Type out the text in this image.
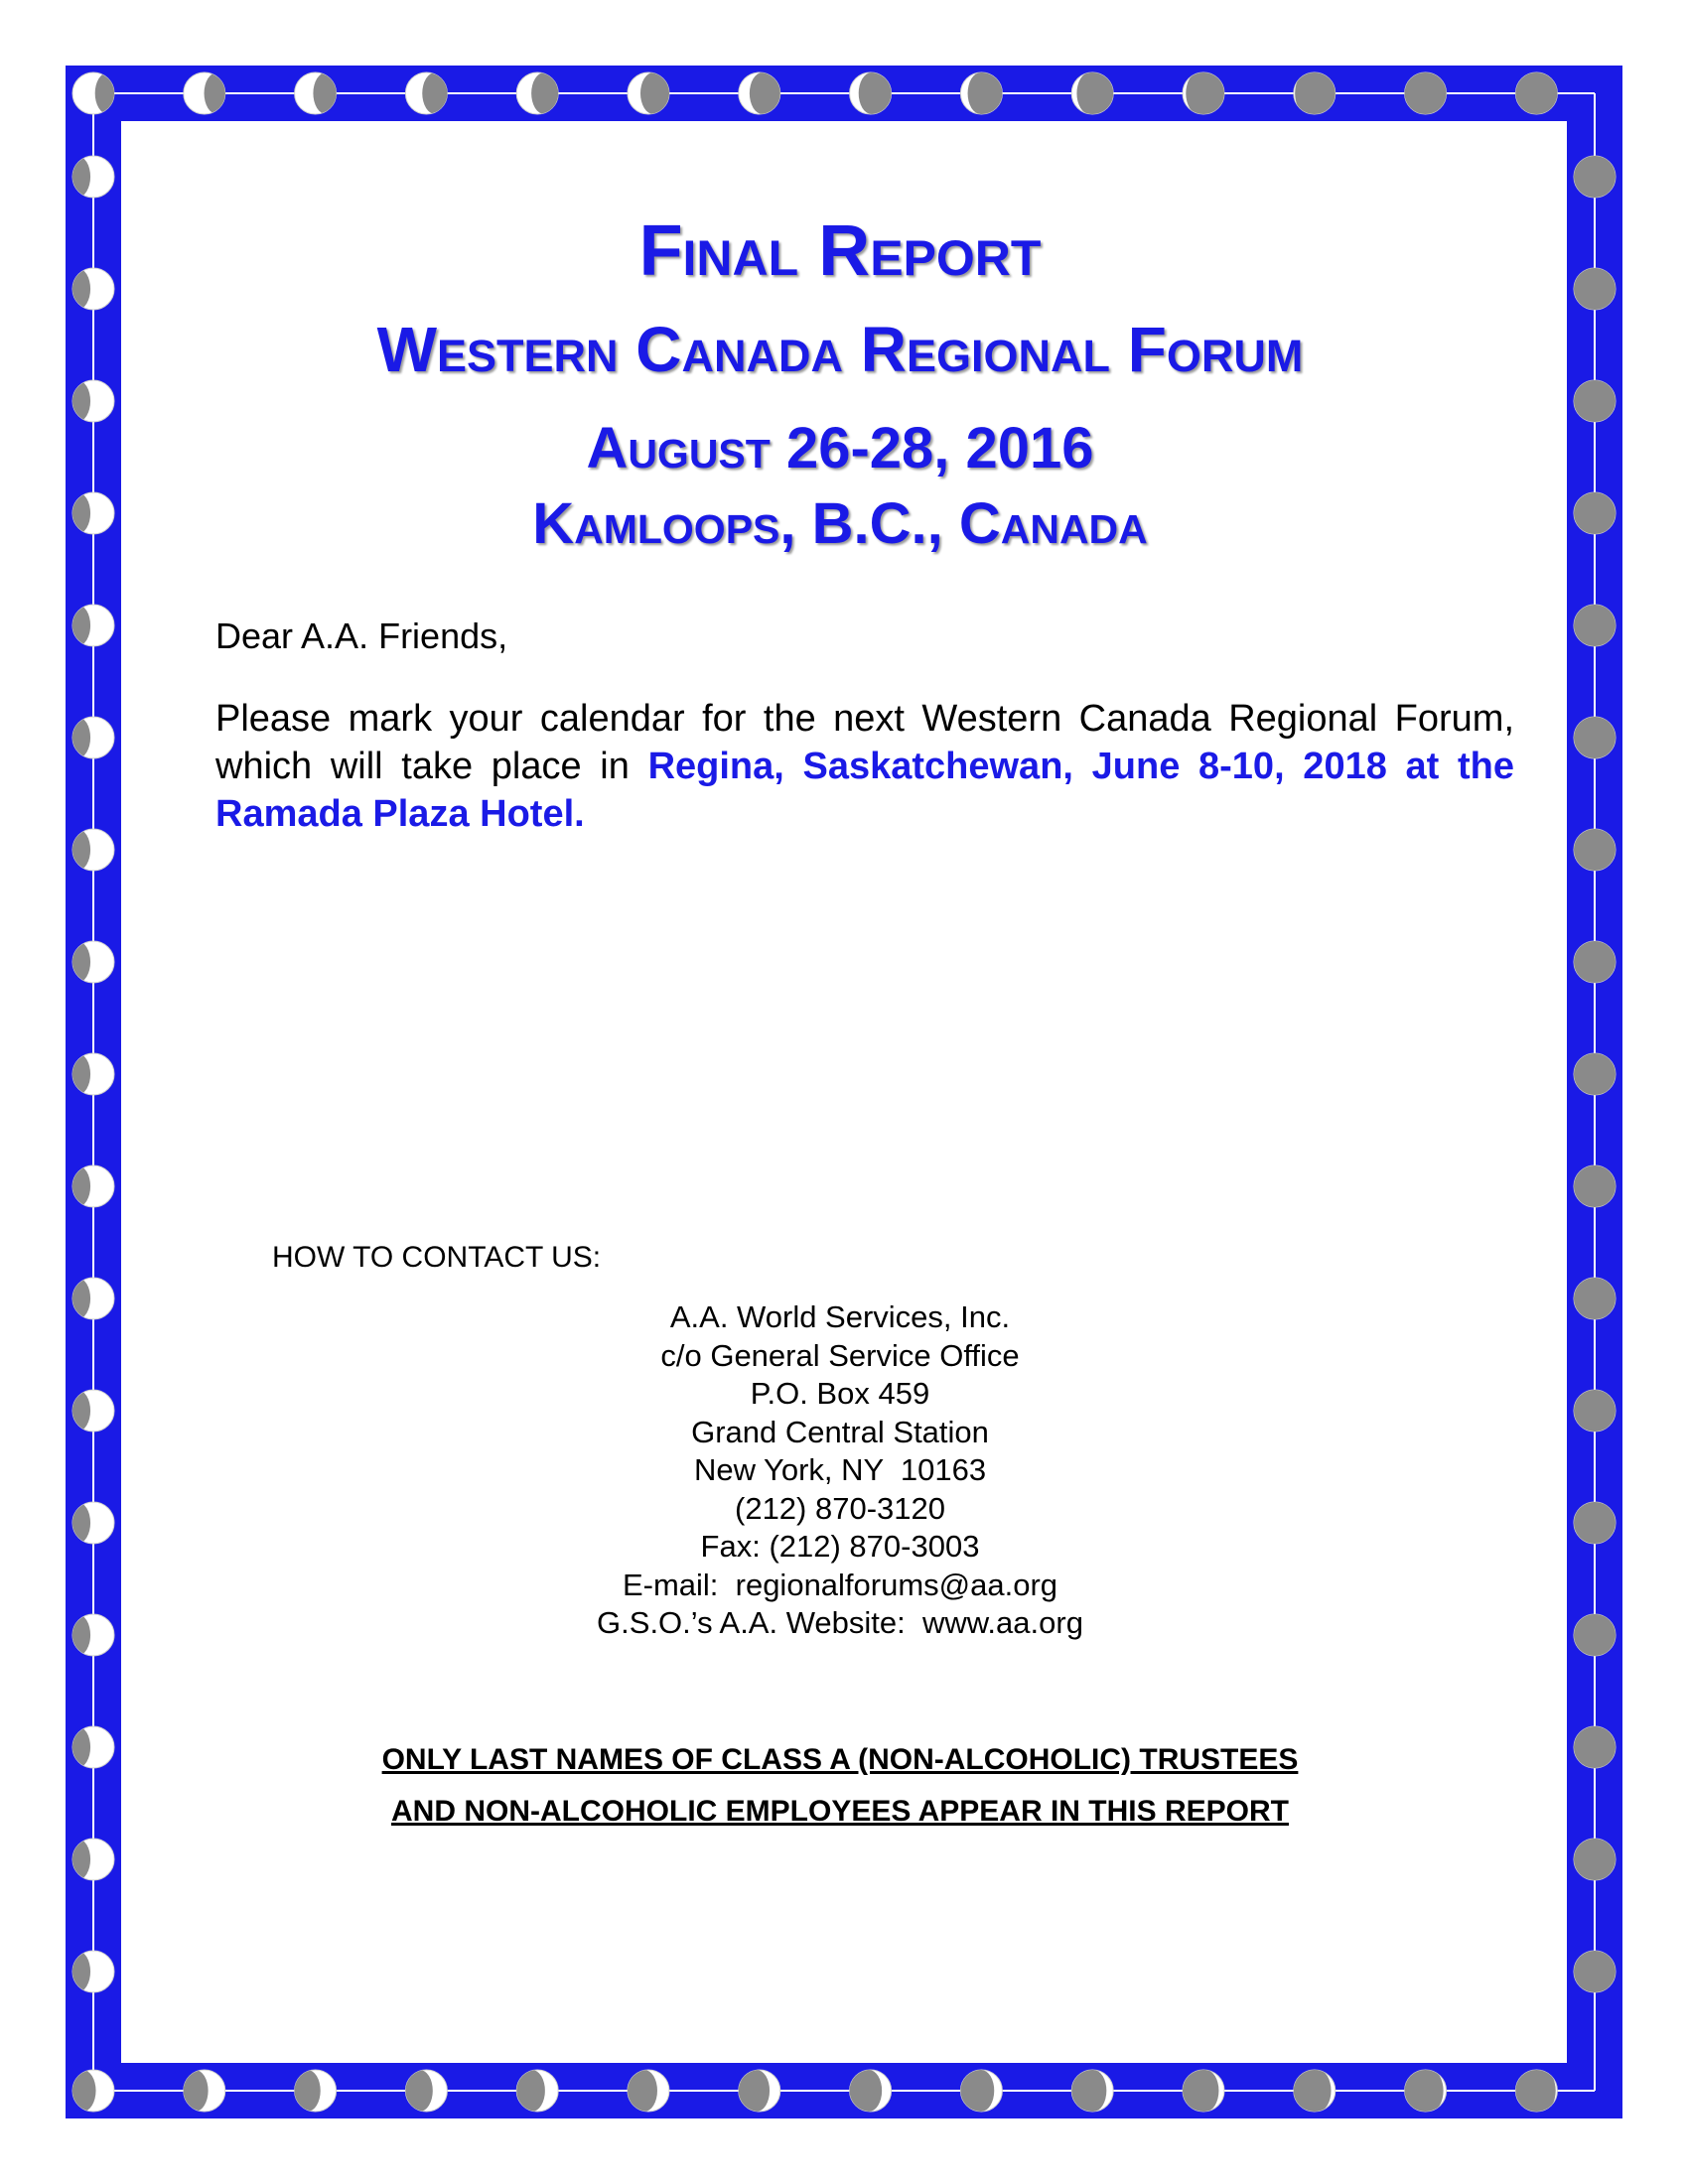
Final Report
Western Canada Regional Forum
August 26-28, 2016
Kamloops, B.C., Canada

Dear A.A. Friends,

Please mark your calendar for the next Western Canada Regional Forum, which will take place in Regina, Saskatchewan, June 8-10, 2018 at the Ramada Plaza Hotel.

HOW TO CONTACT US:

A.A. World Services, Inc.
c/o General Service Office
P.O. Box 459
Grand Central Station
New York, NY  10163
(212) 870-3120
Fax: (212) 870-3003
E-mail:  regionalforums@aa.org
G.S.O.’s A.A. Website:  www.aa.org

ONLY LAST NAMES OF CLASS A (NON-ALCOHOLIC) TRUSTEES

AND NON-ALCOHOLIC EMPLOYEES APPEAR IN THIS REPORT
